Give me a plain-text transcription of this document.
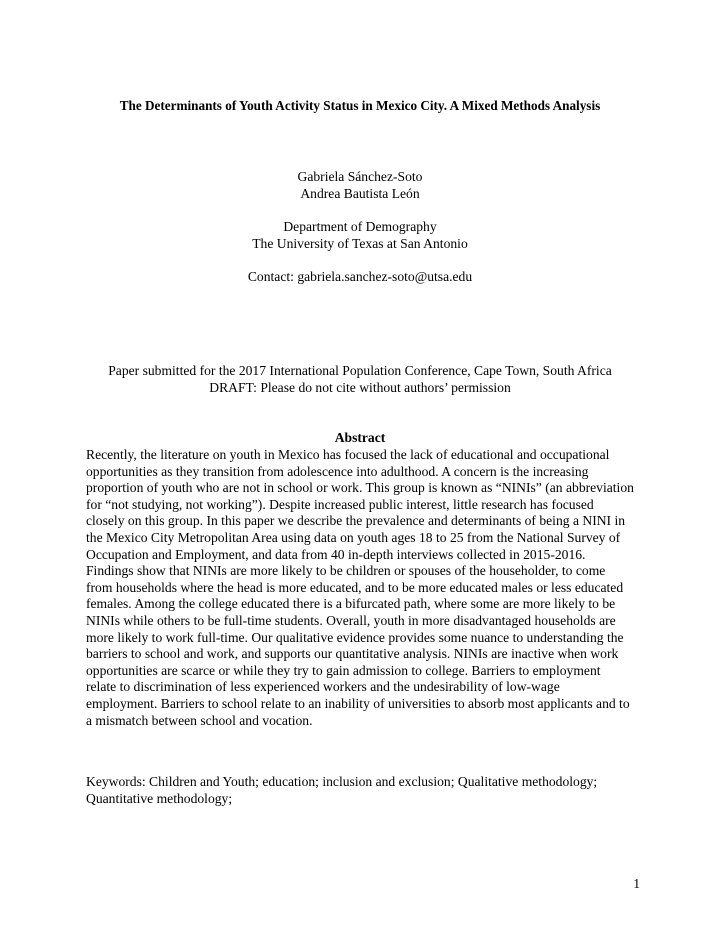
The Determinants of Youth Activity Status in Mexico City. A Mixed Methods Analysis
Gabriela Sánchez-Soto
Andrea Bautista León
Department of Demography
The University of Texas at San Antonio
Contact: gabriela.sanchez-soto@utsa.edu
Paper submitted for the 2017 International Population Conference, Cape Town, South Africa
DRAFT: Please do not cite without authors’ permission
Abstract
Recently, the literature on youth in Mexico has focused the lack of educational and occupational opportunities as they transition from adolescence into adulthood. A concern is the increasing proportion of youth who are not in school or work. This group is known as “NINIs” (an abbreviation for “not studying, not working”). Despite increased public interest, little research has focused closely on this group. In this paper we describe the prevalence and determinants of being a NINI in the Mexico City Metropolitan Area using data on youth ages 18 to 25 from the National Survey of Occupation and Employment, and data from 40 in-depth interviews collected in 2015-2016. Findings show that NINIs are more likely to be children or spouses of the householder, to come from households where the head is more educated, and to be more educated males or less educated females. Among the college educated there is a bifurcated path, where some are more likely to be NINIs while others to be full-time students. Overall, youth in more disadvantaged households are more likely to work full-time. Our qualitative evidence provides some nuance to understanding the barriers to school and work, and supports our quantitative analysis. NINIs are inactive when work opportunities are scarce or while they try to gain admission to college. Barriers to employment relate to discrimination of less experienced workers and the undesirability of low-wage employment. Barriers to school relate to an inability of universities to absorb most applicants and to a mismatch between school and vocation.
Keywords: Children and Youth; education; inclusion and exclusion; Qualitative methodology; Quantitative methodology;
1
